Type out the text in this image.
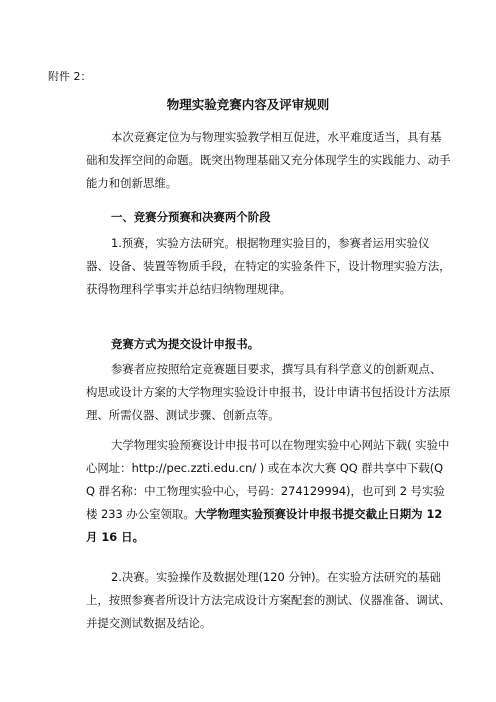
附件 2：
物理实验竞赛内容及评审规则
本次竞赛定位为与物理实验教学相互促进，水平难度适当，具有基础和发挥空间的命题。既突出物理基础又充分体现学生的实践能力、动手能力和创新思维。
一、竞赛分预赛和决赛两个阶段
1.预赛，实验方法研究。根据物理实验目的，参赛者运用实验仪器、设备、装置等物质手段，在特定的实验条件下，设计物理实验方法，获得物理科学事实并总结归纳物理规律。
竞赛方式为提交设计申报书。
参赛者应按照给定竞赛题目要求，撰写具有科学意义的创新观点、构思或设计方案的大学物理实验设计申报书，设计申请书包括设计方法原理、所需仪器、测试步骤、创新点等。
大学物理实验预赛设计申报书可以在物理实验中心网站下载( 实验中心网址：http://pec.zzti.edu.cn/ ) 或在本次大赛 QQ 群共享中下载(QQ 群名称：中工物理实验中心，号码：274129994)，也可到 2 号实验楼 233 办公室领取。大学物理实验预赛设计申报书提交截止日期为 12 月 16 日。
2.决赛。实验操作及数据处理(120 分钟)。在实验方法研究的基础上，按照参赛者所设计方法完成设计方案配套的测试、仪器准备、调试、并提交测试数据及结论。
